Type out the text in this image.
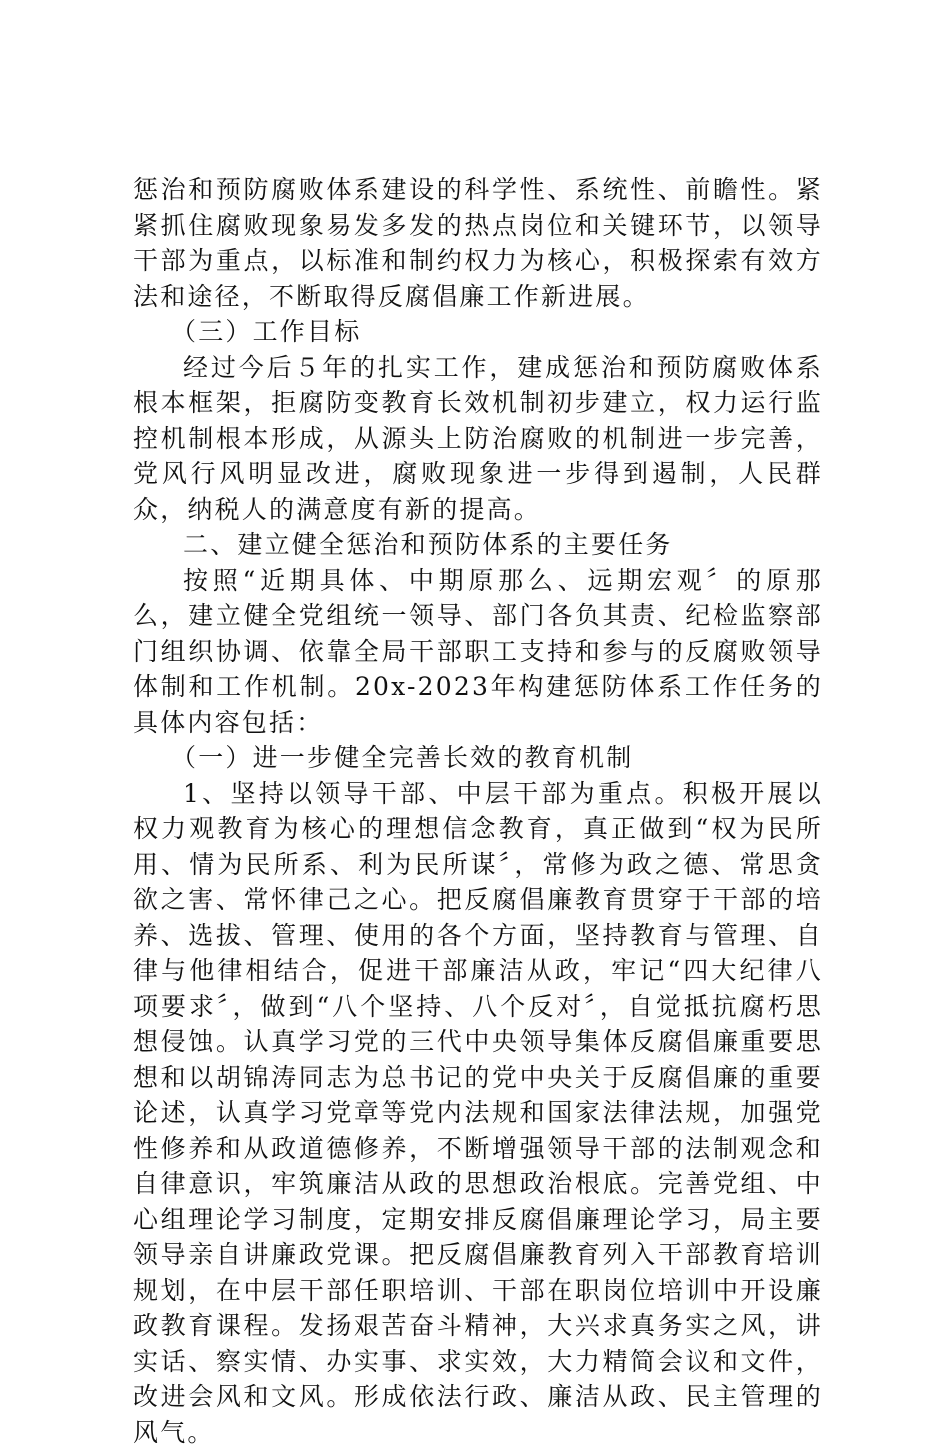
惩治和预防腐败体系建设的科学性、系统性、前瞻性。紧紧抓住腐败现象易发多发的热点岗位和关键环节，以领导干部为重点，以标准和制约权力为核心，积极探索有效方法和途径，不断取得反腐倡廉工作新进展。

（三）工作目标

经过今后５年的扎实工作，建成惩治和预防腐败体系根本框架，拒腐防变教育长效机制初步建立，权力运行监控机制根本形成，从源头上防治腐败的机制进一步完善，党风行风明显改进，腐败现象进一步得到遏制，人民群众，纳税人的满意度有新的提高。

二、建立健全惩治和预防体系的主要任务

按照“近期具体、中期原那么、远期宏观〞的原那么，建立健全党组统一领导、部门各负其责、纪检监察部门组织协调、依靠全局干部职工支持和参与的反腐败领导体制和工作机制。20x-2023年构建惩防体系工作任务的具体内容包括：

（一）进一步健全完善长效的教育机制

1、坚持以领导干部、中层干部为重点。积极开展以权力观教育为核心的理想信念教育，真正做到“权为民所用、情为民所系、利为民所谋〞，常修为政之德、常思贪欲之害、常怀律己之心。把反腐倡廉教育贯穿于干部的培养、选拔、管理、使用的各个方面，坚持教育与管理、自律与他律相结合，促进干部廉洁从政，牢记“四大纪律八项要求〞，做到“八个坚持、八个反对〞，自觉抵抗腐朽思想侵蚀。认真学习党的三代中央领导集体反腐倡廉重要思想和以胡锦涛同志为总书记的党中央关于反腐倡廉的重要论述，认真学习党章等党内法规和国家法律法规，加强党性修养和从政道德修养，不断增强领导干部的法制观念和自律意识，牢筑廉洁从政的思想政治根底。完善党组、中心组理论学习制度，定期安排反腐倡廉理论学习，局主要领导亲自讲廉政党课。把反腐倡廉教育列入干部教育培训规划，在中层干部任职培训、干部在职岗位培训中开设廉政教育课程。发扬艰苦奋斗精神，大兴求真务实之风，讲实话、察实情、办实事、求实效，大力精简会议和文件，改进会风和文风。形成依法行政、廉洁从政、民主管理的风气。
